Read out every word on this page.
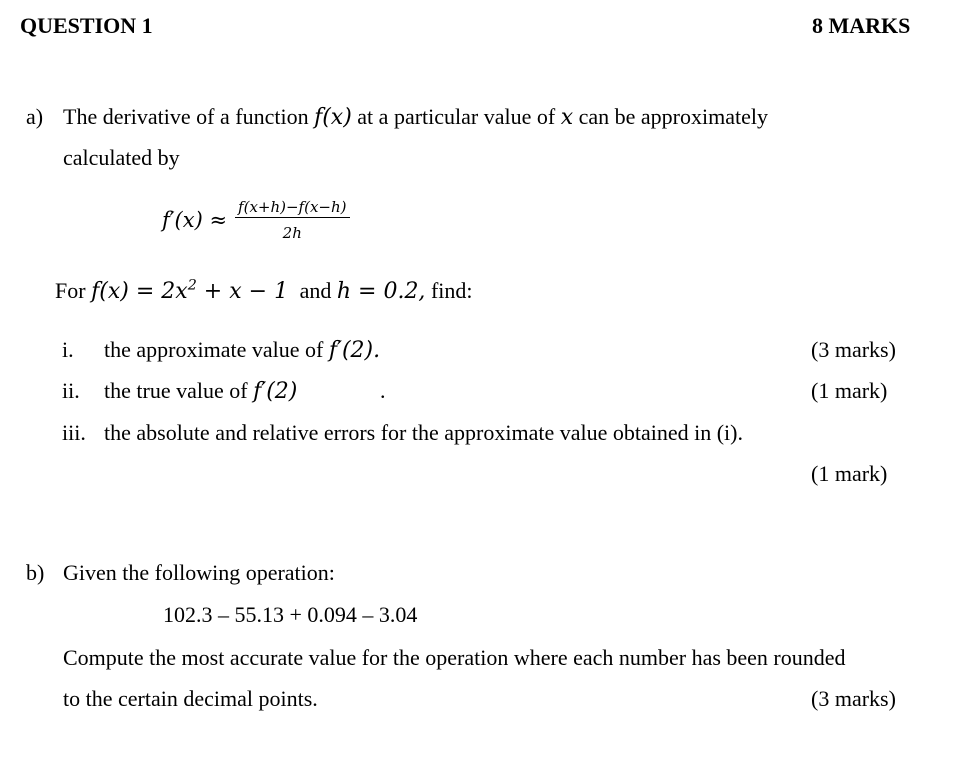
QUESTION 1	8 MARKS
a) The derivative of a function f(x) at a particular value of x can be approximately
calculated by
$f'(x) \approx \frac{f(x+h)-f(x-h)}{2h}$
For $f(x) = 2x^2 + x - 1$ and h = 0.2, find:
i. the approximate value of f′(2).	(3 marks)
ii. the true value of f′(2)	.	(1 mark)
iii. the absolute and relative errors for the approximate value obtained in (i).
(1 mark)
b) Given the following operation:
102.3 – 55.13 + 0.094 – 3.04
Compute the most accurate value for the operation where each number has been rounded
to the certain decimal points.	(3 marks)
